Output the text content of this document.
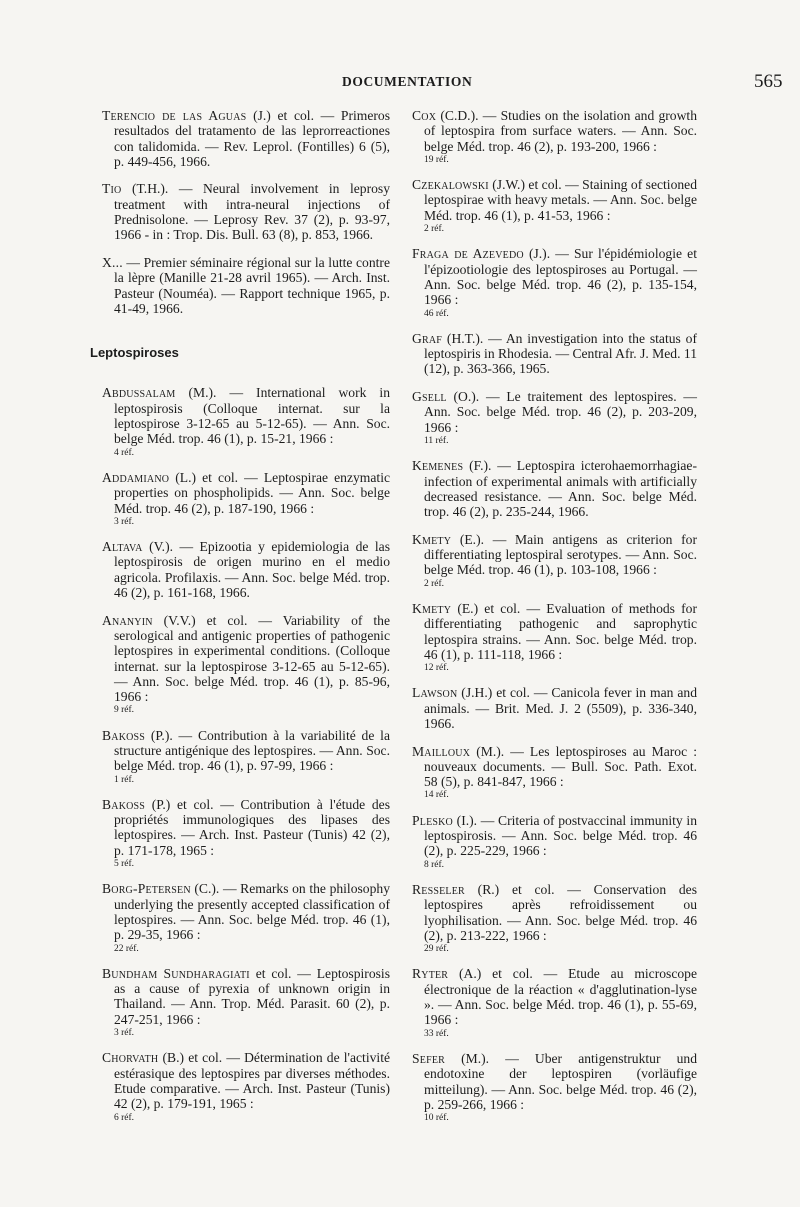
DOCUMENTATION	565

Terencio de las Aguas (J.) et col. — Primeros resultados del tratamento de las leprorreactiones con talidomida. — Rev. Leprol. (Fontilles) 6 (5), p. 449-456, 1966.

Tio (T.H.). — Neural involvement in leprosy treatment with intra-neural injections of Prednisolone. — Leprosy Rev. 37 (2), p. 93-97, 1966 - in : Trop. Dis. Bull. 63 (8), p. 853, 1966.

X... — Premier séminaire régional sur la lutte contre la lèpre (Manille 21-28 avril 1965). — Arch. Inst. Pasteur (Nouméa). — Rapport technique 1965, p. 41-49, 1966.

Leptospiroses

Abdussalam (M.). — International work in leptospirosis (Colloque internat. sur la leptospirose 3-12-65 au 5-12-65). — Ann. Soc. belge Méd. trop. 46 (1), p. 15-21, 1966 :
4 réf.

Addamiano (L.) et col. — Leptospirae enzymatic properties on phospholipids. — Ann. Soc. belge Méd. trop. 46 (2), p. 187-190, 1966 :
3 réf.

Altava (V.). — Epizootia y epidemiologia de las leptospirosis de origen murino en el medio agricola. Profilaxis. — Ann. Soc. belge Méd. trop. 46 (2), p. 161-168, 1966.

Ananyin (V.V.) et col. — Variability of the serological and antigenic properties of pathogenic leptospires in experimental conditions. (Colloque internat. sur la leptospirose 3-12-65 au 5-12-65). — Ann. Soc. belge Méd. trop. 46 (1), p. 85-96, 1966 :
9 réf.

Bakoss (P.). — Contribution à la variabilité de la structure antigénique des leptospires. — Ann. Soc. belge Méd. trop. 46 (1), p. 97-99, 1966 :
1 réf.

Bakoss (P.) et col. — Contribution à l'étude des propriétés immunologiques des lipases des leptospires. — Arch. Inst. Pasteur (Tunis) 42 (2), p. 171-178, 1965 :
5 réf.

Borg-Petersen (C.). — Remarks on the philosophy underlying the presently accepted classification of leptospires. — Ann. Soc. belge Méd. trop. 46 (1), p. 29-35, 1966 :
22 réf.

Bundham Sundharagiati et col. — Leptospirosis as a cause of pyrexia of unknown origin in Thailand. — Ann. Trop. Méd. Parasit. 60 (2), p. 247-251, 1966 :
3 réf.

Chorvath (B.) et col. — Détermination de l'activité estérasique des leptospires par diverses méthodes. Etude comparative. — Arch. Inst. Pasteur (Tunis) 42 (2), p. 179-191, 1965 :
6 réf.

Cox (C.D.). — Studies on the isolation and growth of leptospira from surface waters. — Ann. Soc. belge Méd. trop. 46 (2), p. 193-200, 1966 :
19 réf.

Czekalowski (J.W.) et col. — Staining of sectioned leptospirae with heavy metals. — Ann. Soc. belge Méd. trop. 46 (1), p. 41-53, 1966 :
2 réf.

Fraga de Azevedo (J.). — Sur l'épidémiologie et l'épizootiologie des leptospiroses au Portugal. — Ann. Soc. belge Méd. trop. 46 (2), p. 135-154, 1966 :
46 réf.

Graf (H.T.). — An investigation into the status of leptospiris in Rhodesia. — Central Afr. J. Med. 11 (12), p. 363-366, 1965.

Gsell (O.). — Le traitement des leptospires. — Ann. Soc. belge Méd. trop. 46 (2), p. 203-209, 1966 :
11 réf.

Kemenes (F.). — Leptospira icterohaemorrhagiae-infection of experimental animals with artificially decreased resistance. — Ann. Soc. belge Méd. trop. 46 (2), p. 235-244, 1966.

Kmety (E.). — Main antigens as criterion for differentiating leptospiral serotypes. — Ann. Soc. belge Méd. trop. 46 (1), p. 103-108, 1966 :
2 réf.

Kmety (E.) et col. — Evaluation of methods for differentiating pathogenic and saprophytic leptospira strains. — Ann. Soc. belge Méd. trop. 46 (1), p. 111-118, 1966 :
12 réf.

Lawson (J.H.) et col. — Canicola fever in man and animals. — Brit. Med. J. 2 (5509), p. 336-340, 1966.

Mailloux (M.). — Les leptospiroses au Maroc : nouveaux documents. — Bull. Soc. Path. Exot. 58 (5), p. 841-847, 1966 :
14 réf.

Plesko (I.). — Criteria of postvaccinal immunity in leptospirosis. — Ann. Soc. belge Méd. trop. 46 (2), p. 225-229, 1966 :
8 réf.

Resseler (R.) et col. — Conservation des leptospires après refroidissement ou lyophilisation. — Ann. Soc. belge Méd. trop. 46 (2), p. 213-222, 1966 :
29 réf.

Ryter (A.) et col. — Etude au microscope électronique de la réaction « d'agglutination-lyse ». — Ann. Soc. belge Méd. trop. 46 (1), p. 55-69, 1966 :
33 réf.

Sefer (M.). — Uber antigenstruktur und endotoxine der leptospiren (vorläufige mitteilung). — Ann. Soc. belge Méd. trop. 46 (2), p. 259-266, 1966 :
10 réf.
